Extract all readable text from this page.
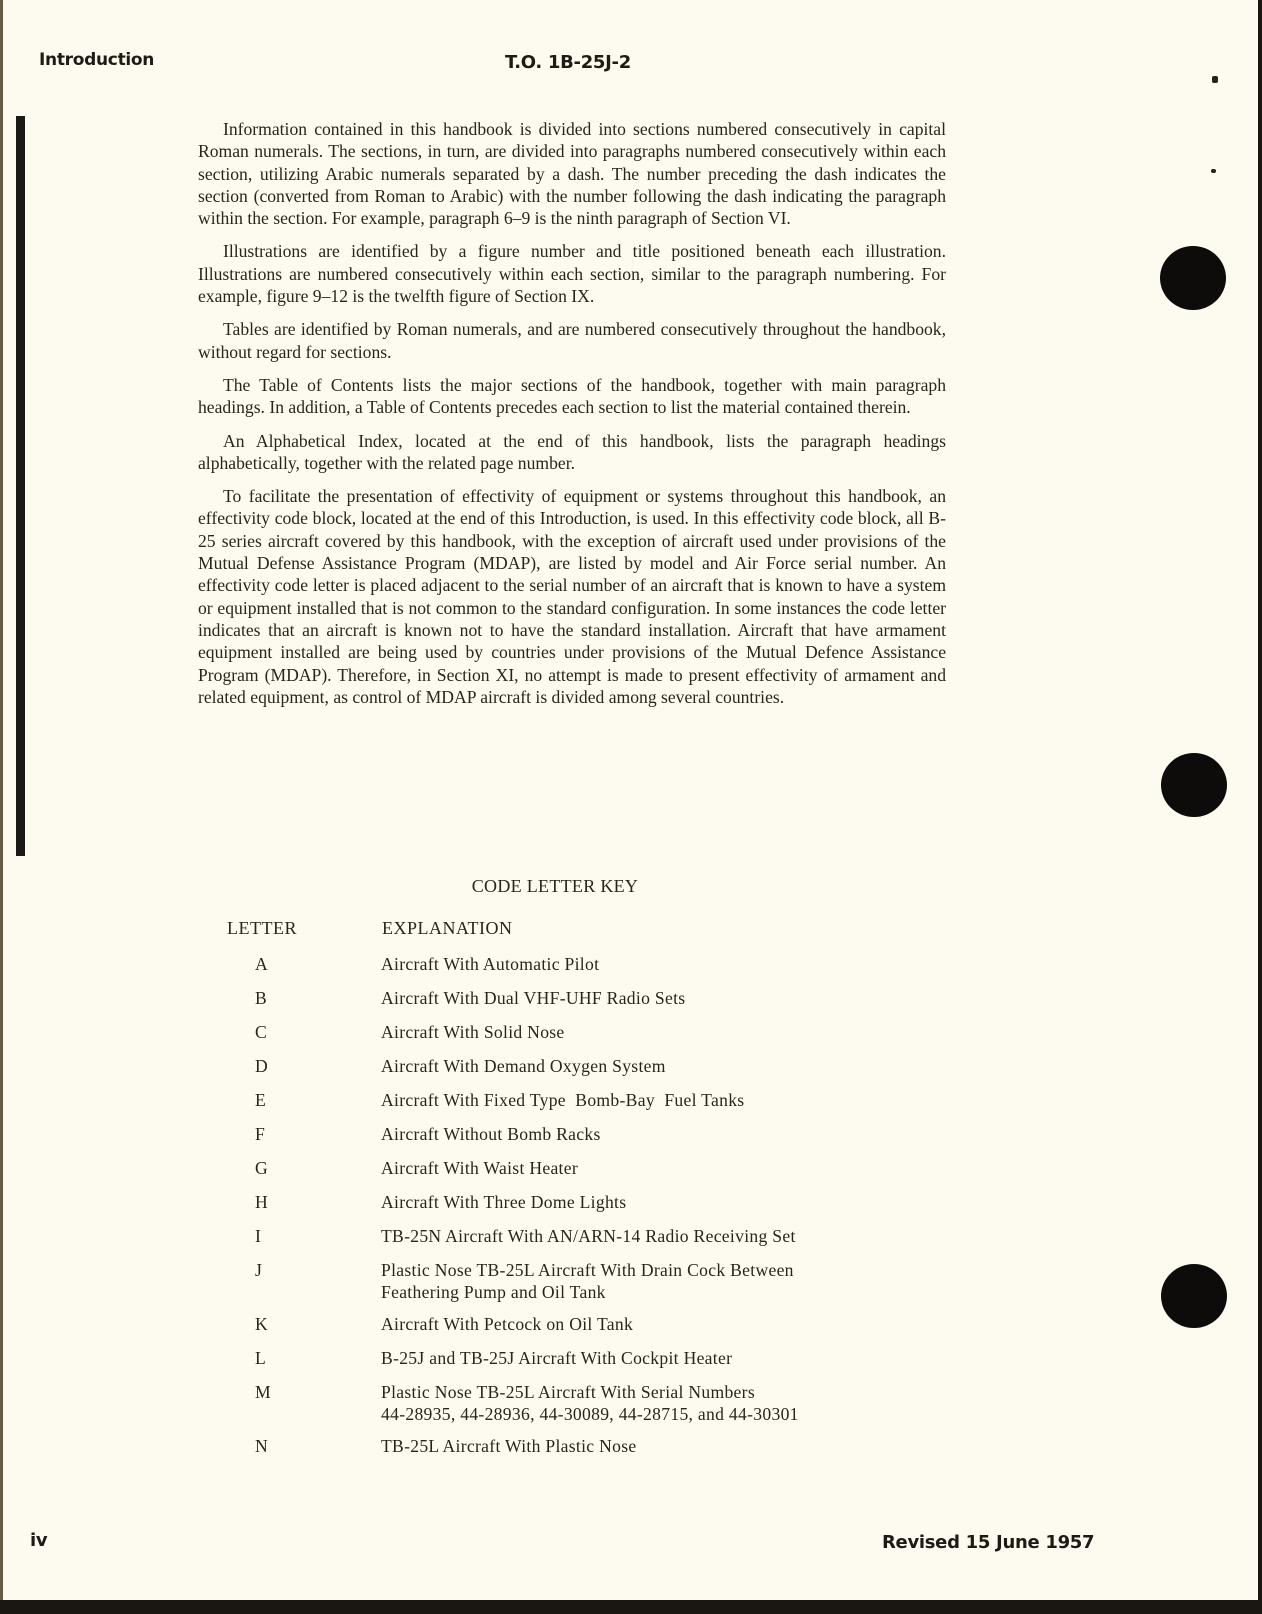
Introduction	T.O. 1B-25J-2

Information contained in this handbook is divided into sections numbered consecutively in capital Roman numerals. The sections, in turn, are divided into paragraphs numbered consecutively within each section, utilizing Arabic numerals separated by a dash. The number preceding the dash indicates the section (converted from Roman to Arabic) with the number following the dash indicating the paragraph within the section. For example, paragraph 6–9 is the ninth paragraph of Section VI.

Illustrations are identified by a figure number and title positioned beneath each illustration. Illustrations are numbered consecutively within each section, similar to the paragraph numbering. For example, figure 9–12 is the twelfth figure of Section IX.

Tables are identified by Roman numerals, and are numbered consecutively throughout the handbook, without regard for sections.

The Table of Contents lists the major sections of the handbook, together with main paragraph headings. In addition, a Table of Contents precedes each section to list the material contained therein.

An Alphabetical Index, located at the end of this handbook, lists the paragraph headings alphabetically, together with the related page number.

To facilitate the presentation of effectivity of equipment or systems throughout this handbook, an effectivity code block, located at the end of this Introduction, is used. In this effectivity code block, all B-25 series aircraft covered by this handbook, with the exception of aircraft used under provisions of the Mutual Defense Assistance Program (MDAP), are listed by model and Air Force serial number. An effectivity code letter is placed adjacent to the serial number of an aircraft that is known to have a system or equipment installed that is not common to the standard configuration. In some instances the code letter indicates that an aircraft is known not to have the standard installation. Aircraft that have armament equipment installed are being used by countries under provisions of the Mutual Defence Assistance Program (MDAP). Therefore, in Section XI, no attempt is made to present effectivity of armament and related equipment, as control of MDAP aircraft is divided among several countries.

CODE LETTER KEY
LETTER	EXPLANATION
A	Aircraft With Automatic Pilot
B	Aircraft With Dual VHF-UHF Radio Sets
C	Aircraft With Solid Nose
D	Aircraft With Demand Oxygen System
E	Aircraft With Fixed Type  Bomb-Bay  Fuel Tanks
F	Aircraft Without Bomb Racks
G	Aircraft With Waist Heater
H	Aircraft With Three Dome Lights
I	TB-25N Aircraft With AN/ARN-14 Radio Receiving Set
J	Plastic Nose TB-25L Aircraft With Drain Cock Between
Feathering Pump and Oil Tank
K	Aircraft With Petcock on Oil Tank
L	B-25J and TB-25J Aircraft With Cockpit Heater
M	Plastic Nose TB-25L Aircraft With Serial Numbers
44-28935, 44-28936, 44-30089, 44-28715, and 44-30301
N	TB-25L Aircraft With Plastic Nose
iv	Revised 15 June 1957
